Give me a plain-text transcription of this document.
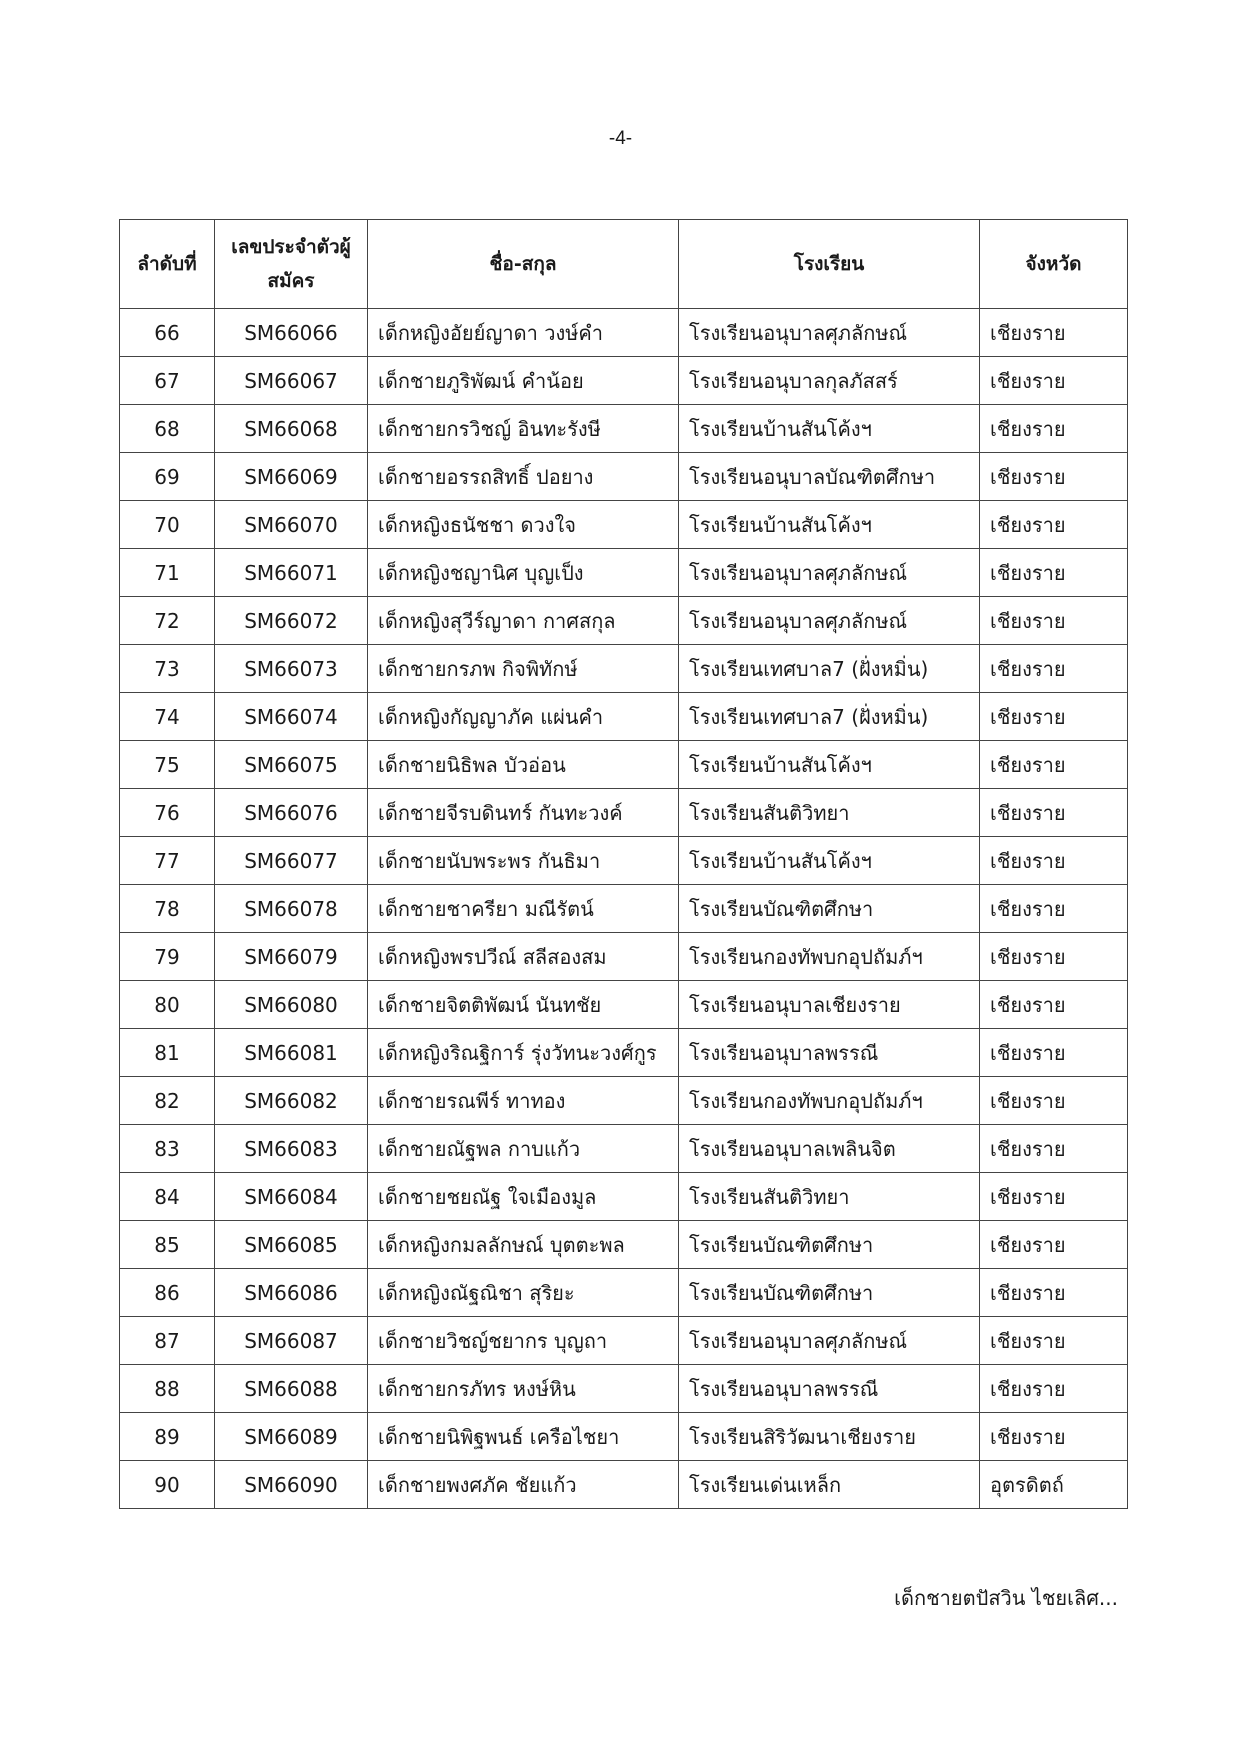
-4-
ลำดับที่	เลขประจำตัวผู้สมัคร	ชื่อ-สกุล	โรงเรียน	จังหวัด
66	SM66066	เด็กหญิงอัยย์ญาดา วงษ์คำ	โรงเรียนอนุบาลศุภลักษณ์	เชียงราย
67	SM66067	เด็กชายภูริพัฒน์ คำน้อย	โรงเรียนอนุบาลกุลภัสสร์	เชียงราย
68	SM66068	เด็กชายกรวิชญ์ อินทะรังษี	โรงเรียนบ้านสันโค้งฯ	เชียงราย
69	SM66069	เด็กชายอรรถสิทธิ์ ปอยาง	โรงเรียนอนุบาลบัณฑิตศึกษา	เชียงราย
70	SM66070	เด็กหญิงธนัชชา ดวงใจ	โรงเรียนบ้านสันโค้งฯ	เชียงราย
71	SM66071	เด็กหญิงชญานิศ บุญเป็ง	โรงเรียนอนุบาลศุภลักษณ์	เชียงราย
72	SM66072	เด็กหญิงสุวีร์ญาดา กาศสกุล	โรงเรียนอนุบาลศุภลักษณ์	เชียงราย
73	SM66073	เด็กชายกรภพ กิจพิทักษ์	โรงเรียนเทศบาล7 (ฝั่งหมิ่น)	เชียงราย
74	SM66074	เด็กหญิงกัญญาภัค แผ่นคำ	โรงเรียนเทศบาล7 (ฝั่งหมิ่น)	เชียงราย
75	SM66075	เด็กชายนิธิพล บัวอ่อน	โรงเรียนบ้านสันโค้งฯ	เชียงราย
76	SM66076	เด็กชายจีรบดินทร์ กันทะวงค์	โรงเรียนสันติวิทยา	เชียงราย
77	SM66077	เด็กชายนับพระพร กันธิมา	โรงเรียนบ้านสันโค้งฯ	เชียงราย
78	SM66078	เด็กชายชาครียา มณีรัตน์	โรงเรียนบัณฑิตศึกษา	เชียงราย
79	SM66079	เด็กหญิงพรปวีณ์ สลีสองสม	โรงเรียนกองทัพบกอุปถัมภ์ฯ	เชียงราย
80	SM66080	เด็กชายจิตติพัฒน์ นันทชัย	โรงเรียนอนุบาลเชียงราย	เชียงราย
81	SM66081	เด็กหญิงริณฐิการ์ รุ่งวัทนะวงศ์กูร	โรงเรียนอนุบาลพรรณี	เชียงราย
82	SM66082	เด็กชายรณพีร์ ทาทอง	โรงเรียนกองทัพบกอุปถัมภ์ฯ	เชียงราย
83	SM66083	เด็กชายณัฐพล กาบแก้ว	โรงเรียนอนุบาลเพลินจิต	เชียงราย
84	SM66084	เด็กชายชยณัฐ ใจเมืองมูล	โรงเรียนสันติวิทยา	เชียงราย
85	SM66085	เด็กหญิงกมลลักษณ์ บุตตะพล	โรงเรียนบัณฑิตศึกษา	เชียงราย
86	SM66086	เด็กหญิงณัฐณิชา สุริยะ	โรงเรียนบัณฑิตศึกษา	เชียงราย
87	SM66087	เด็กชายวิชญ์ชยากร บุญถา	โรงเรียนอนุบาลศุภลักษณ์	เชียงราย
88	SM66088	เด็กชายกรภัทร หงษ์หิน	โรงเรียนอนุบาลพรรณี	เชียงราย
89	SM66089	เด็กชายนิพิฐพนธ์ เครือไชยา	โรงเรียนสิริวัฒนาเชียงราย	เชียงราย
90	SM66090	เด็กชายพงศภัค ชัยแก้ว	โรงเรียนเด่นเหล็ก	อุตรดิตถ์
เด็กชายตปัสวิน ไชยเลิศ...
